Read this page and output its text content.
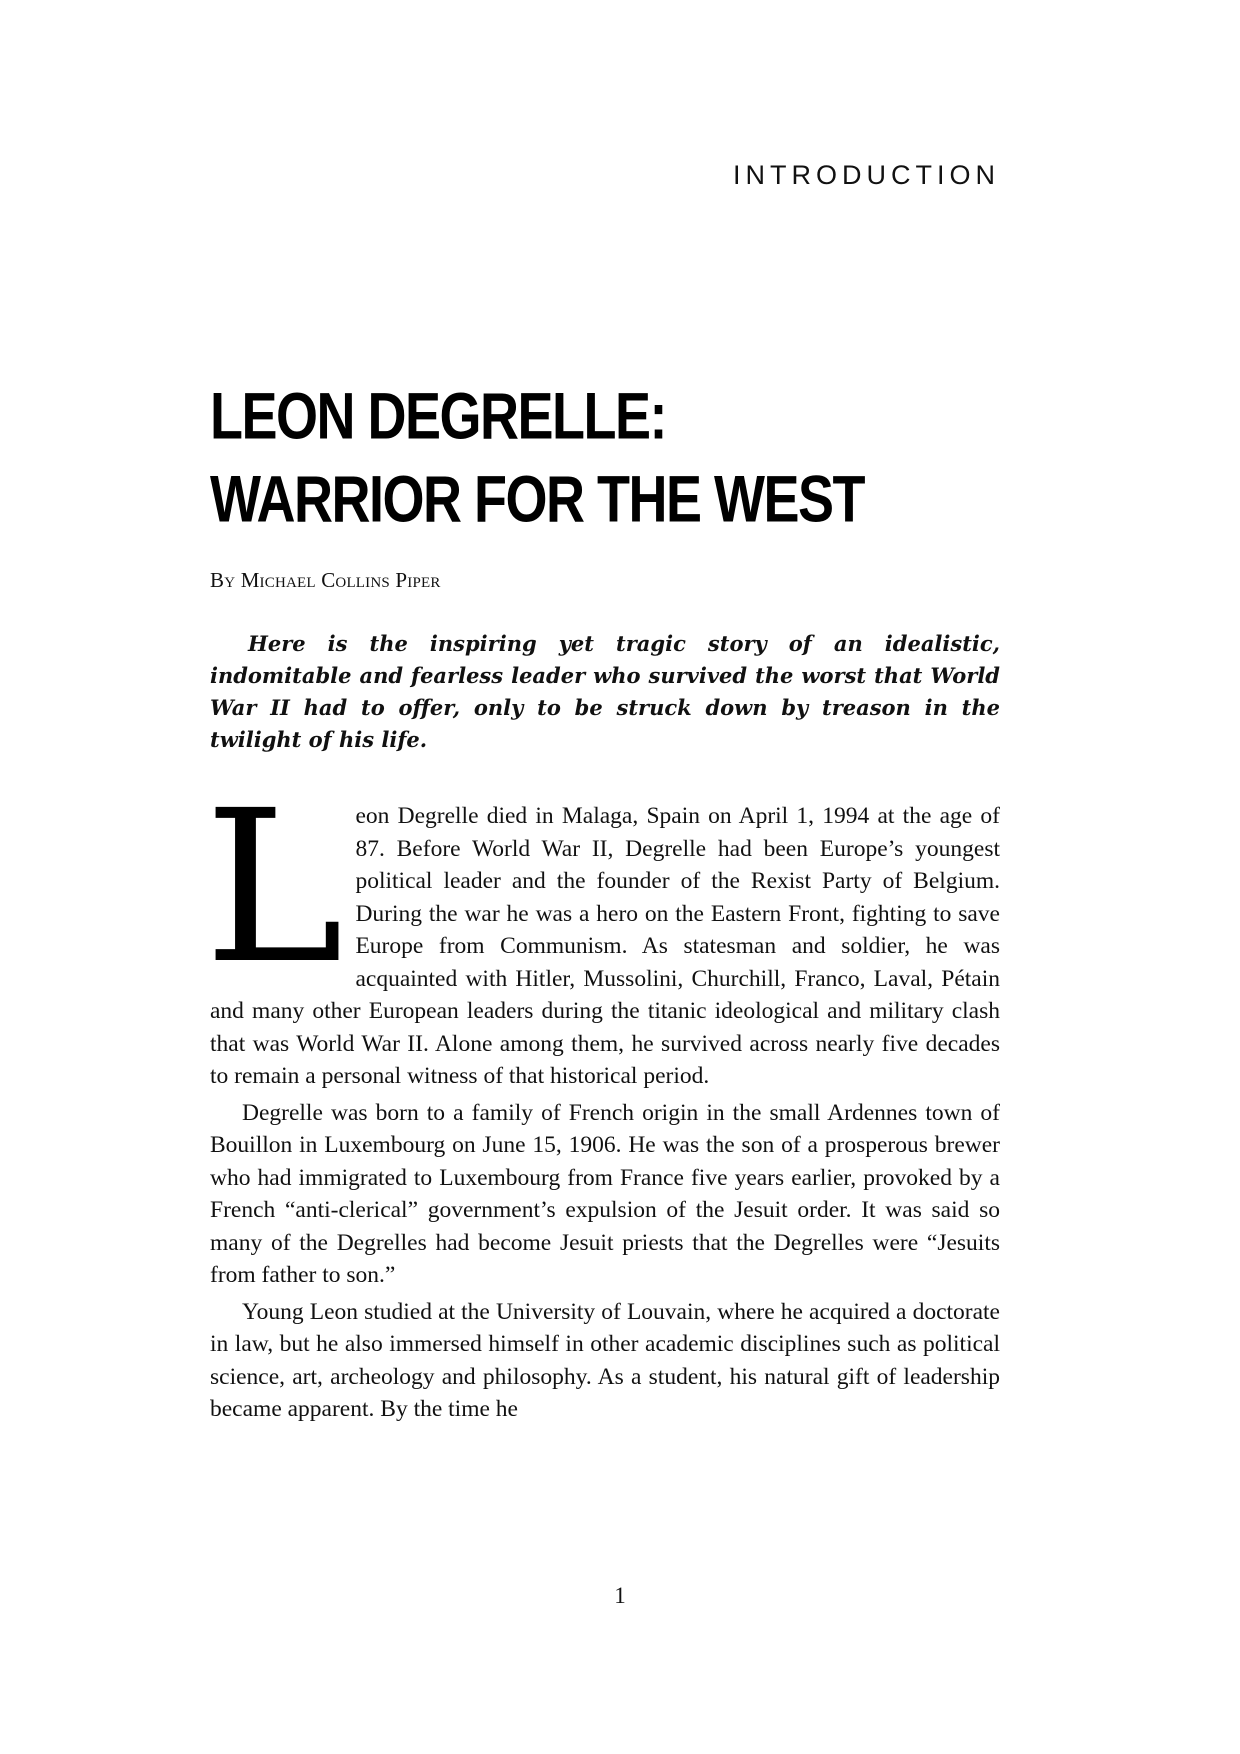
INTRODUCTION
LEON DEGRELLE:
WARRIOR FOR THE WEST
By Michael Collins Piper

Here is the inspiring yet tragic story of an idealistic, indomitable and fearless leader who survived the worst that World War II had to offer, only to be struck down by treason in the twilight of his life.

Leon Degrelle died in Malaga, Spain on April 1, 1994 at the age of 87. Before World War II, Degrelle had been Europe’s youngest political leader and the founder of the Rexist Party of Belgium. During the war he was a hero on the Eastern Front, fighting to save Europe from Communism. As statesman and soldier, he was acquainted with Hitler, Mussolini, Churchill, Franco, Laval, Pétain and many other European leaders during the titanic ideological and military clash that was World War II. Alone among them, he survived across nearly five decades to remain a personal witness of that historical period.

Degrelle was born to a family of French origin in the small Ardennes town of Bouillon in Luxembourg on June 15, 1906. He was the son of a prosperous brewer who had immigrated to Luxembourg from France five years earlier, provoked by a French “anti-clerical” government’s expulsion of the Jesuit order. It was said so many of the Degrelles had become Jesuit priests that the Degrelles were “Jesuits from father to son.”

Young Leon studied at the University of Louvain, where he acquired a doctorate in law, but he also immersed himself in other academic disciplines such as political science, art, archeology and philosophy. As a student, his natural gift of leadership became apparent. By the time he

1
